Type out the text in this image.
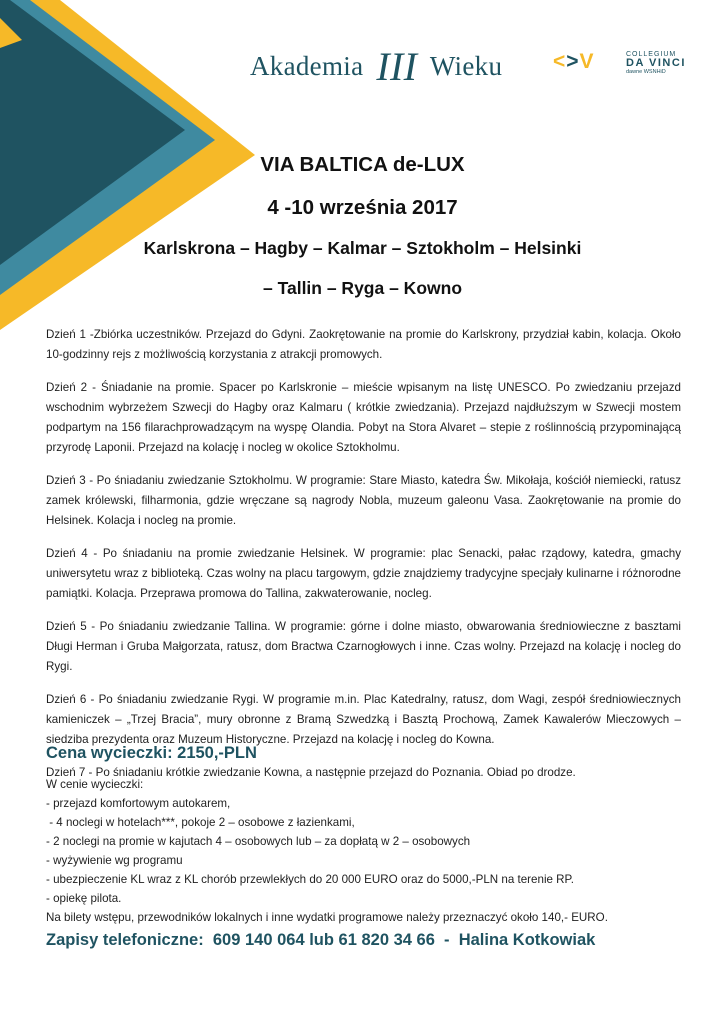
Akademia III Wieku <>V	COLLEGIUM
DA VINCI
dawne WSNHiD
VIA BALTICA de-LUX
4 -10 września 2017
Karlskrona – Hagby – Kalmar – Sztokholm – Helsinki
– Tallin – Ryga – Kowno

Dzień 1 -Zbiórka uczestników. Przejazd do Gdyni. Zaokrętowanie na promie do Karlskrony, przydział kabin, kolacja. Około 10-godzinny rejs z możliwością korzystania z atrakcji promowych.

Dzień 2 - Śniadanie na promie. Spacer po Karlskronie – mieście wpisanym na listę UNESCO. Po zwiedzaniu przejazd wschodnim wybrzeżem Szwecji do Hagby oraz Kalmaru ( krótkie zwiedzania). Przejazd najdłuższym w Szwecji mostem podpartym na 156 filarachprowadzącym na wyspę Olandia. Pobyt na Stora Alvaret – stepie z roślinnością przypominającą przyrodę Laponii. Przejazd na kolację i nocleg w okolice Sztokholmu.

Dzień 3 - Po śniadaniu zwiedzanie Sztokholmu. W programie: Stare Miasto, katedra Św. Mikołaja, kościół niemiecki, ratusz zamek królewski, filharmonia, gdzie wręczane są nagrody Nobla, muzeum galeonu Vasa. Zaokrętowanie na promie do Helsinek. Kolacja i nocleg na promie.

Dzień 4 - Po śniadaniu na promie zwiedzanie Helsinek. W programie: plac Senacki, pałac rządowy, katedra, gmachy uniwersytetu wraz z biblioteką. Czas wolny na placu targowym, gdzie znajdziemy tradycyjne specjały kulinarne i różnorodne pamiątki. Kolacja. Przeprawa promowa do Tallina, zakwaterowanie, nocleg.

Dzień 5 - Po śniadaniu zwiedzanie Tallina. W programie: górne i dolne miasto, obwarowania średniowieczne z basztami Długi Herman i Gruba Małgorzata, ratusz, dom Bractwa Czarnogłowych i inne. Czas wolny. Przejazd na kolację i nocleg do Rygi.

Dzień 6 - Po śniadaniu zwiedzanie Rygi. W programie m.in. Plac Katedralny, ratusz, dom Wagi, zespół średniowiecznych kamieniczek – „Trzej Bracia”, mury obronne z Bramą Szwedzką i Basztą Prochową, Zamek Kawalerów Mieczowych – siedziba prezydenta oraz Muzeum Historyczne. Przejazd na kolację i nocleg do Kowna.

Dzień 7 - Po śniadaniu krótkie zwiedzanie Kowna, a następnie przejazd do Poznania. Obiad po drodze.

Cena wycieczki: 2150,-PLN
W cenie wycieczki:
- przejazd komfortowym autokarem,
- 4 noclegi w hotelach***, pokoje 2 – osobowe z łazienkami,
- 2 noclegi na promie w kajutach 4 – osobowych lub – za dopłatą w 2 – osobowych
- wyżywienie wg programu
- ubezpieczenie KL wraz z KL chorób przewlekłych do 20 000 EURO oraz do 5000,-PLN na terenie RP.
- opiekę pilota.
Na bilety wstępu, przewodników lokalnych i inne wydatki programowe należy przeznaczyć około 140,- EURO.
Zapisy telefoniczne:  609 140 064 lub 61 820 34 66  -  Halina Kotkowiak
